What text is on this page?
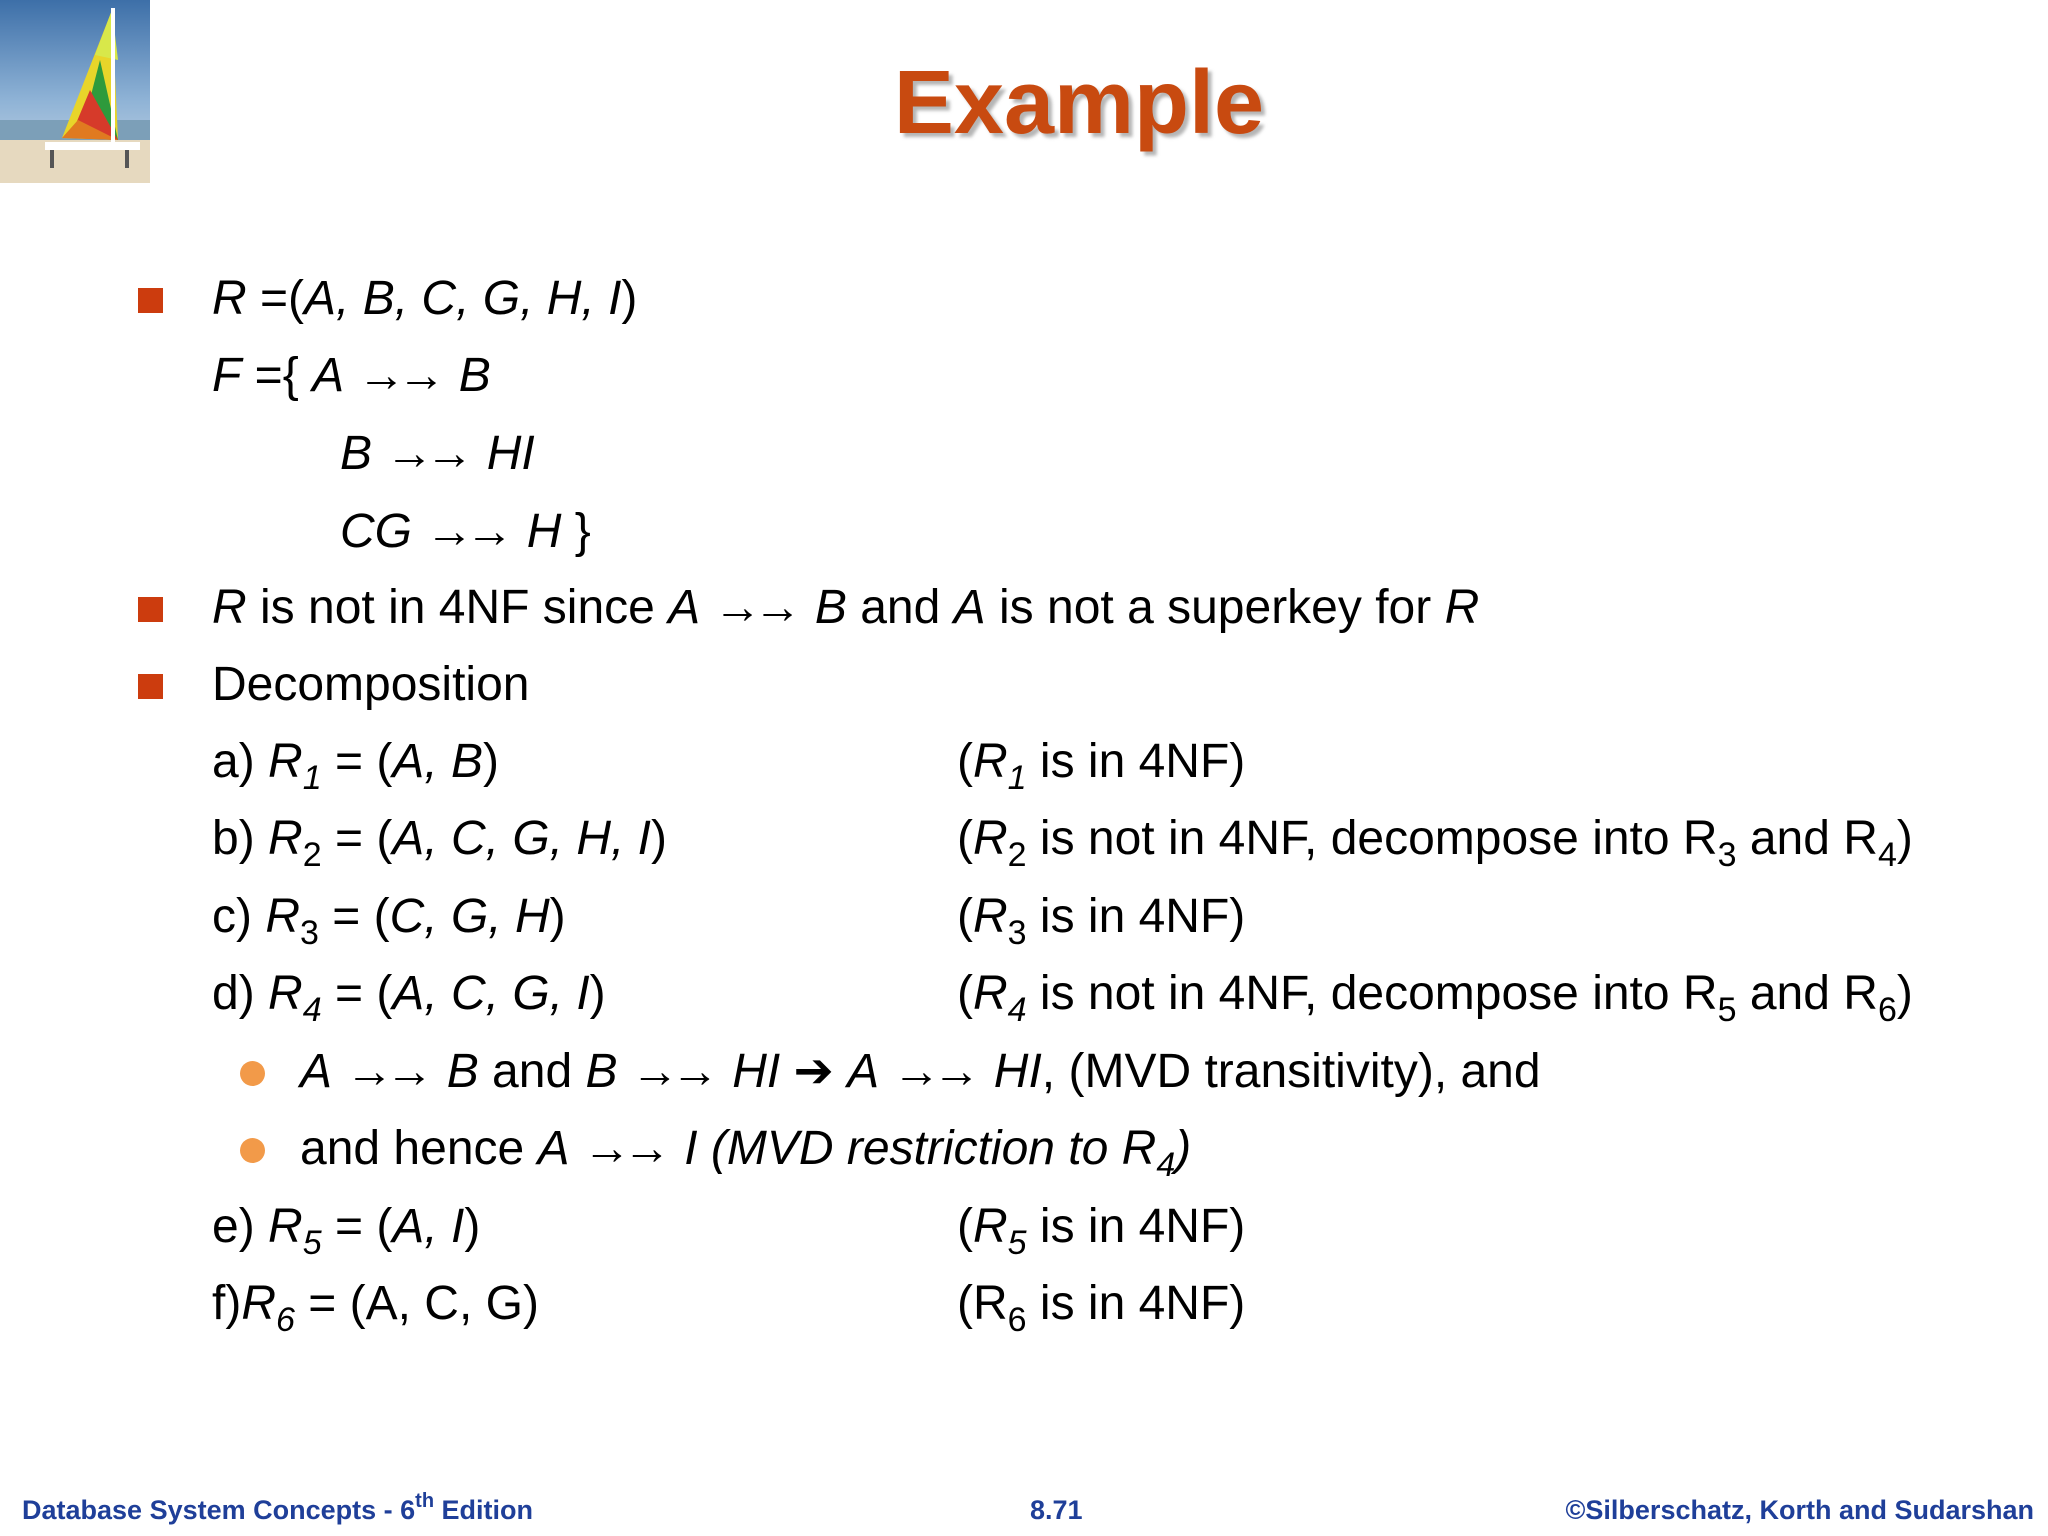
Example
R =(A, B, C, G, H, I)
F ={ A →→ B
B →→ HI
CG →→ H }
R is not in 4NF since A →→ B and A is not a superkey for R
Decomposition
a) $R_1 = (A$, B)	($R_1$ is in 4NF)
b) $R_2 = (A$, C, G, H, I)	($R_2$ is not in 4NF, decompose into $R_3$ and $R_4$)
c) $R_3 = (C$, G, H)	($R_3$ is in 4NF)
d) $R_4 = (A$, C, G, I)	($R_4$ is not in 4NF, decompose into $R_5$ and $R_6$)
A →→ B and B →→ HI ➔ A →→ HI, (MVD transitivity), and
and hence A →→ I (MVD restriction to $R_4$)
e) $R_5 = (A$, I)	($R_5$ is in 4NF)
$f)R_6 = (A$, C, G)	($R_6$ is in 4NF)
Database System Concepts - 6th Edition	8.71	©Silberschatz, Korth and Sudarshan
